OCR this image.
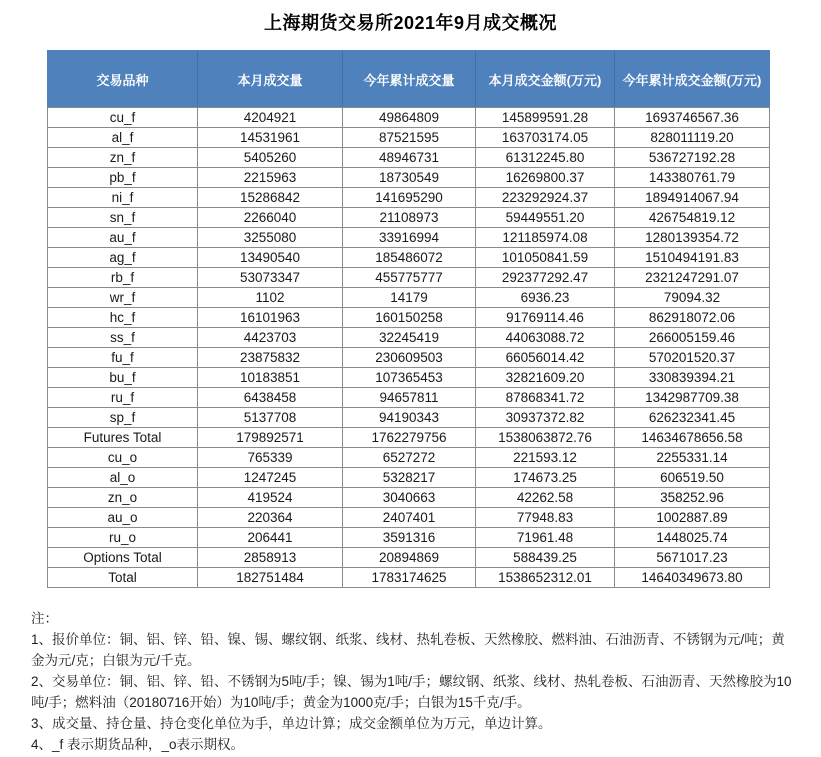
上海期货交易所2021年9月成交概况
交易品种	本月成交量	今年累计成交量	本月成交金额(万元)	今年累计成交金额(万元)
cu_f	4204921	49864809	145899591.28	1693746567.36
al_f	14531961	87521595	163703174.05	828011119.20
zn_f	5405260	48946731	61312245.80	536727192.28
pb_f	2215963	18730549	16269800.37	143380761.79
ni_f	15286842	141695290	223292924.37	1894914067.94
sn_f	2266040	21108973	59449551.20	426754819.12
au_f	3255080	33916994	121185974.08	1280139354.72
ag_f	13490540	185486072	101050841.59	1510494191.83
rb_f	53073347	455775777	292377292.47	2321247291.07
wr_f	1102	14179	6936.23	79094.32
hc_f	16101963	160150258	91769114.46	862918072.06
ss_f	4423703	32245419	44063088.72	266005159.46
fu_f	23875832	230609503	66056014.42	570201520.37
bu_f	10183851	107365453	32821609.20	330839394.21
ru_f	6438458	94657811	87868341.72	1342987709.38
sp_f	5137708	94190343	30937372.82	626232341.45
Futures Total	179892571	1762279756	1538063872.76	14634678656.58
cu_o	765339	6527272	221593.12	2255331.14
al_o	1247245	5328217	174673.25	606519.50
zn_o	419524	3040663	42262.58	358252.96
au_o	220364	2407401	77948.83	1002887.89
ru_o	206441	3591316	71961.48	1448025.74
Options Total	2858913	20894869	588439.25	5671017.23
Total	182751484	1783174625	1538652312.01	14640349673.80
注：
1、报价单位：铜、铝、锌、铅、镍、锡、螺纹钢、纸浆、线材、热轧卷板、天然橡胶、燃料油、石油沥青、不锈钢为元/吨；黄金为元/克；白银为元/千克。
2、交易单位：铜、铝、锌、铅、不锈钢为5吨/手；镍、锡为1吨/手；螺纹钢、纸浆、线材、热轧卷板、石油沥青、天然橡胶为10吨/手；燃料油（20180716开始）为10吨/手；黄金为1000克/手；白银为15千克/手。
3、成交量、持仓量、持仓变化单位为手，单边计算；成交金额单位为万元，单边计算。
4、_f 表示期货品种，_o表示期权。
